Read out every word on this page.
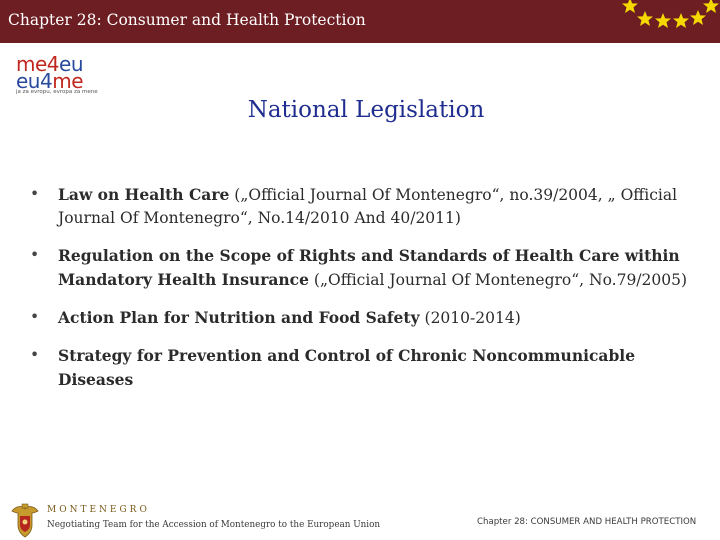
Chapter 28: Consumer and Health Protection
me4eu
eu4me
ja za evropu, evropa za mene
National Legislation
• Law on Health Care („Official Journal Of Montenegro“, no.39/2004, „ Official Journal Of Montenegro“, No.14/2010 And 40/2011)
• Regulation on the Scope of Rights and Standards of Health Care within Mandatory Health Insurance („Official Journal Of Montenegro“, No.79/2005)
• Action Plan for Nutrition and Food Safety (2010-2014)
• Strategy for Prevention and Control of Chronic Noncommunicable Diseases
MONTENEGRO
Negotiating Team for the Accession of Montenegro to the European Union	Chapter 28: CONSUMER AND HEALTH PROTECTION
